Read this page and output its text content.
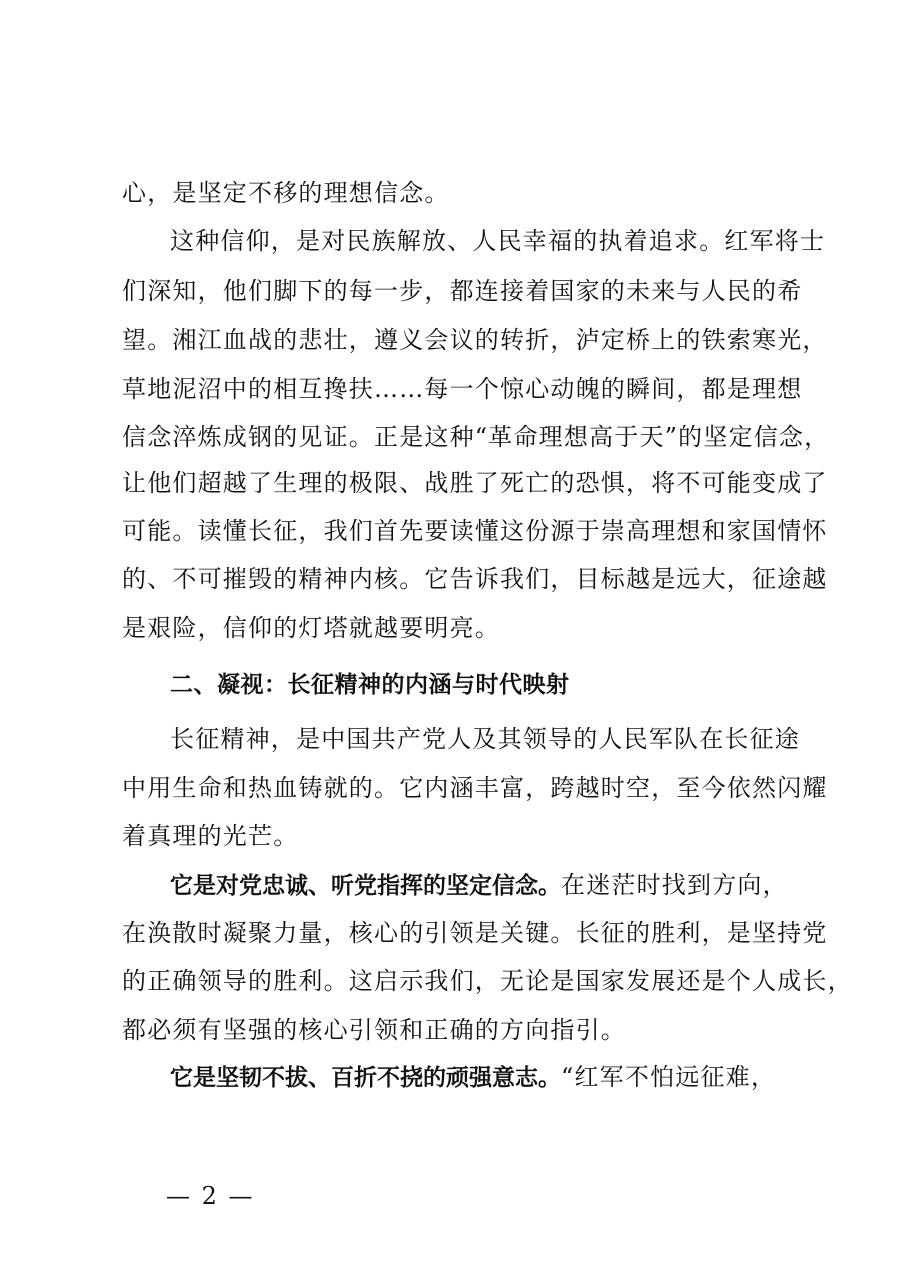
心，是坚定不移的理想信念。
这种信仰，是对民族解放、人民幸福的执着追求。红军将士
们深知，他们脚下的每一步，都连接着国家的未来与人民的希
望。湘江血战的悲壮，遵义会议的转折，泸定桥上的铁索寒光，
草地泥沼中的相互搀扶……每一个惊心动魄的瞬间，都是理想
信念淬炼成钢的见证。正是这种“革命理想高于天”的坚定信念，
让他们超越了生理的极限、战胜了死亡的恐惧，将不可能变成了
可能。读懂长征，我们首先要读懂这份源于崇高理想和家国情怀
的、不可摧毁的精神内核。它告诉我们，目标越是远大，征途越
是艰险，信仰的灯塔就越要明亮。
二、凝视：长征精神的内涵与时代映射
长征精神，是中国共产党人及其领导的人民军队在长征途
中用生命和热血铸就的。它内涵丰富，跨越时空，至今依然闪耀
着真理的光芒。
它是对党忠诚、听党指挥的坚定信念。在迷茫时找到方向，
在涣散时凝聚力量，核心的引领是关键。长征的胜利，是坚持党
的正确领导的胜利。这启示我们，无论是国家发展还是个人成长，
都必须有坚强的核心引领和正确的方向指引。
它是坚韧不拔、百折不挠的顽强意志。“红军不怕远征难，
— 2 —
